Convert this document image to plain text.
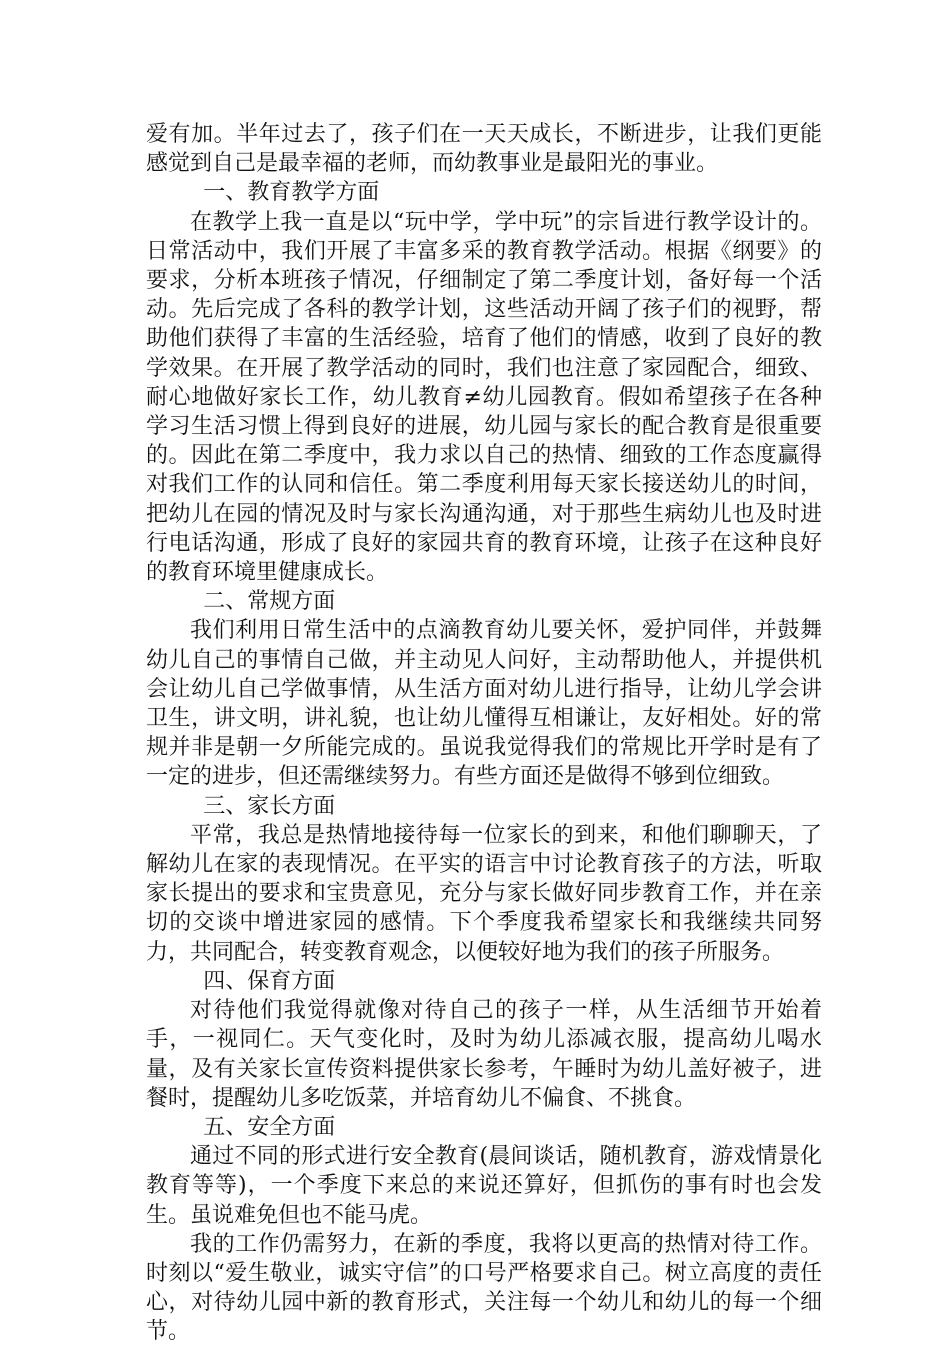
爱有加。半年过去了，孩子们在一天天成长，不断进步，让我们更能感觉到自己是最幸福的老师，而幼教事业是最阳光的事业。

一、教育教学方面

在教学上我一直是以“玩中学，学中玩”的宗旨进行教学设计的。日常活动中，我们开展了丰富多采的教育教学活动。根据《纲要》的要求，分析本班孩子情况，仔细制定了第二季度计划，备好每一个活动。先后完成了各科的教学计划，这些活动开阔了孩子们的视野，帮助他们获得了丰富的生活经验，培育了他们的情感，收到了良好的教学效果。在开展了教学活动的同时，我们也注意了家园配合，细致、耐心地做好家长工作，幼儿教育≠幼儿园教育。假如希望孩子在各种学习生活习惯上得到良好的进展，幼儿园与家长的配合教育是很重要的。因此在第二季度中，我力求以自己的热情、细致的工作态度赢得对我们工作的认同和信任。第二季度利用每天家长接送幼儿的时间，把幼儿在园的情况及时与家长沟通沟通，对于那些生病幼儿也及时进行电话沟通，形成了良好的家园共育的教育环境，让孩子在这种良好的教育环境里健康成长。

二、常规方面

我们利用日常生活中的点滴教育幼儿要关怀，爱护同伴，并鼓舞幼儿自己的事情自己做，并主动见人问好，主动帮助他人，并提供机会让幼儿自己学做事情，从生活方面对幼儿进行指导，让幼儿学会讲卫生，讲文明，讲礼貌，也让幼儿懂得互相谦让，友好相处。好的常规并非是朝一夕所能完成的。虽说我觉得我们的常规比开学时是有了一定的进步，但还需继续努力。有些方面还是做得不够到位细致。

三、家长方面

平常，我总是热情地接待每一位家长的到来，和他们聊聊天，了解幼儿在家的表现情况。在平实的语言中讨论教育孩子的方法，听取家长提出的要求和宝贵意见，充分与家长做好同步教育工作，并在亲切的交谈中增进家园的感情。下个季度我希望家长和我继续共同努力，共同配合，转变教育观念，以便较好地为我们的孩子所服务。

四、保育方面

对待他们我觉得就像对待自己的孩子一样，从生活细节开始着手，一视同仁。天气变化时，及时为幼儿添减衣服，提高幼儿喝水量，及有关家长宣传资料提供家长参考，午睡时为幼儿盖好被子，进餐时，提醒幼儿多吃饭菜，并培育幼儿不偏食、不挑食。

五、安全方面

通过不同的形式进行安全教育(晨间谈话，随机教育，游戏情景化教育等等)，一个季度下来总的来说还算好，但抓伤的事有时也会发生。虽说难免但也不能马虎。

我的工作仍需努力，在新的季度，我将以更高的热情对待工作。时刻以“爱生敬业，诚实守信”的口号严格要求自己。树立高度的责任心，对待幼儿园中新的教育形式，关注每一个幼儿和幼儿的每一个细节。
